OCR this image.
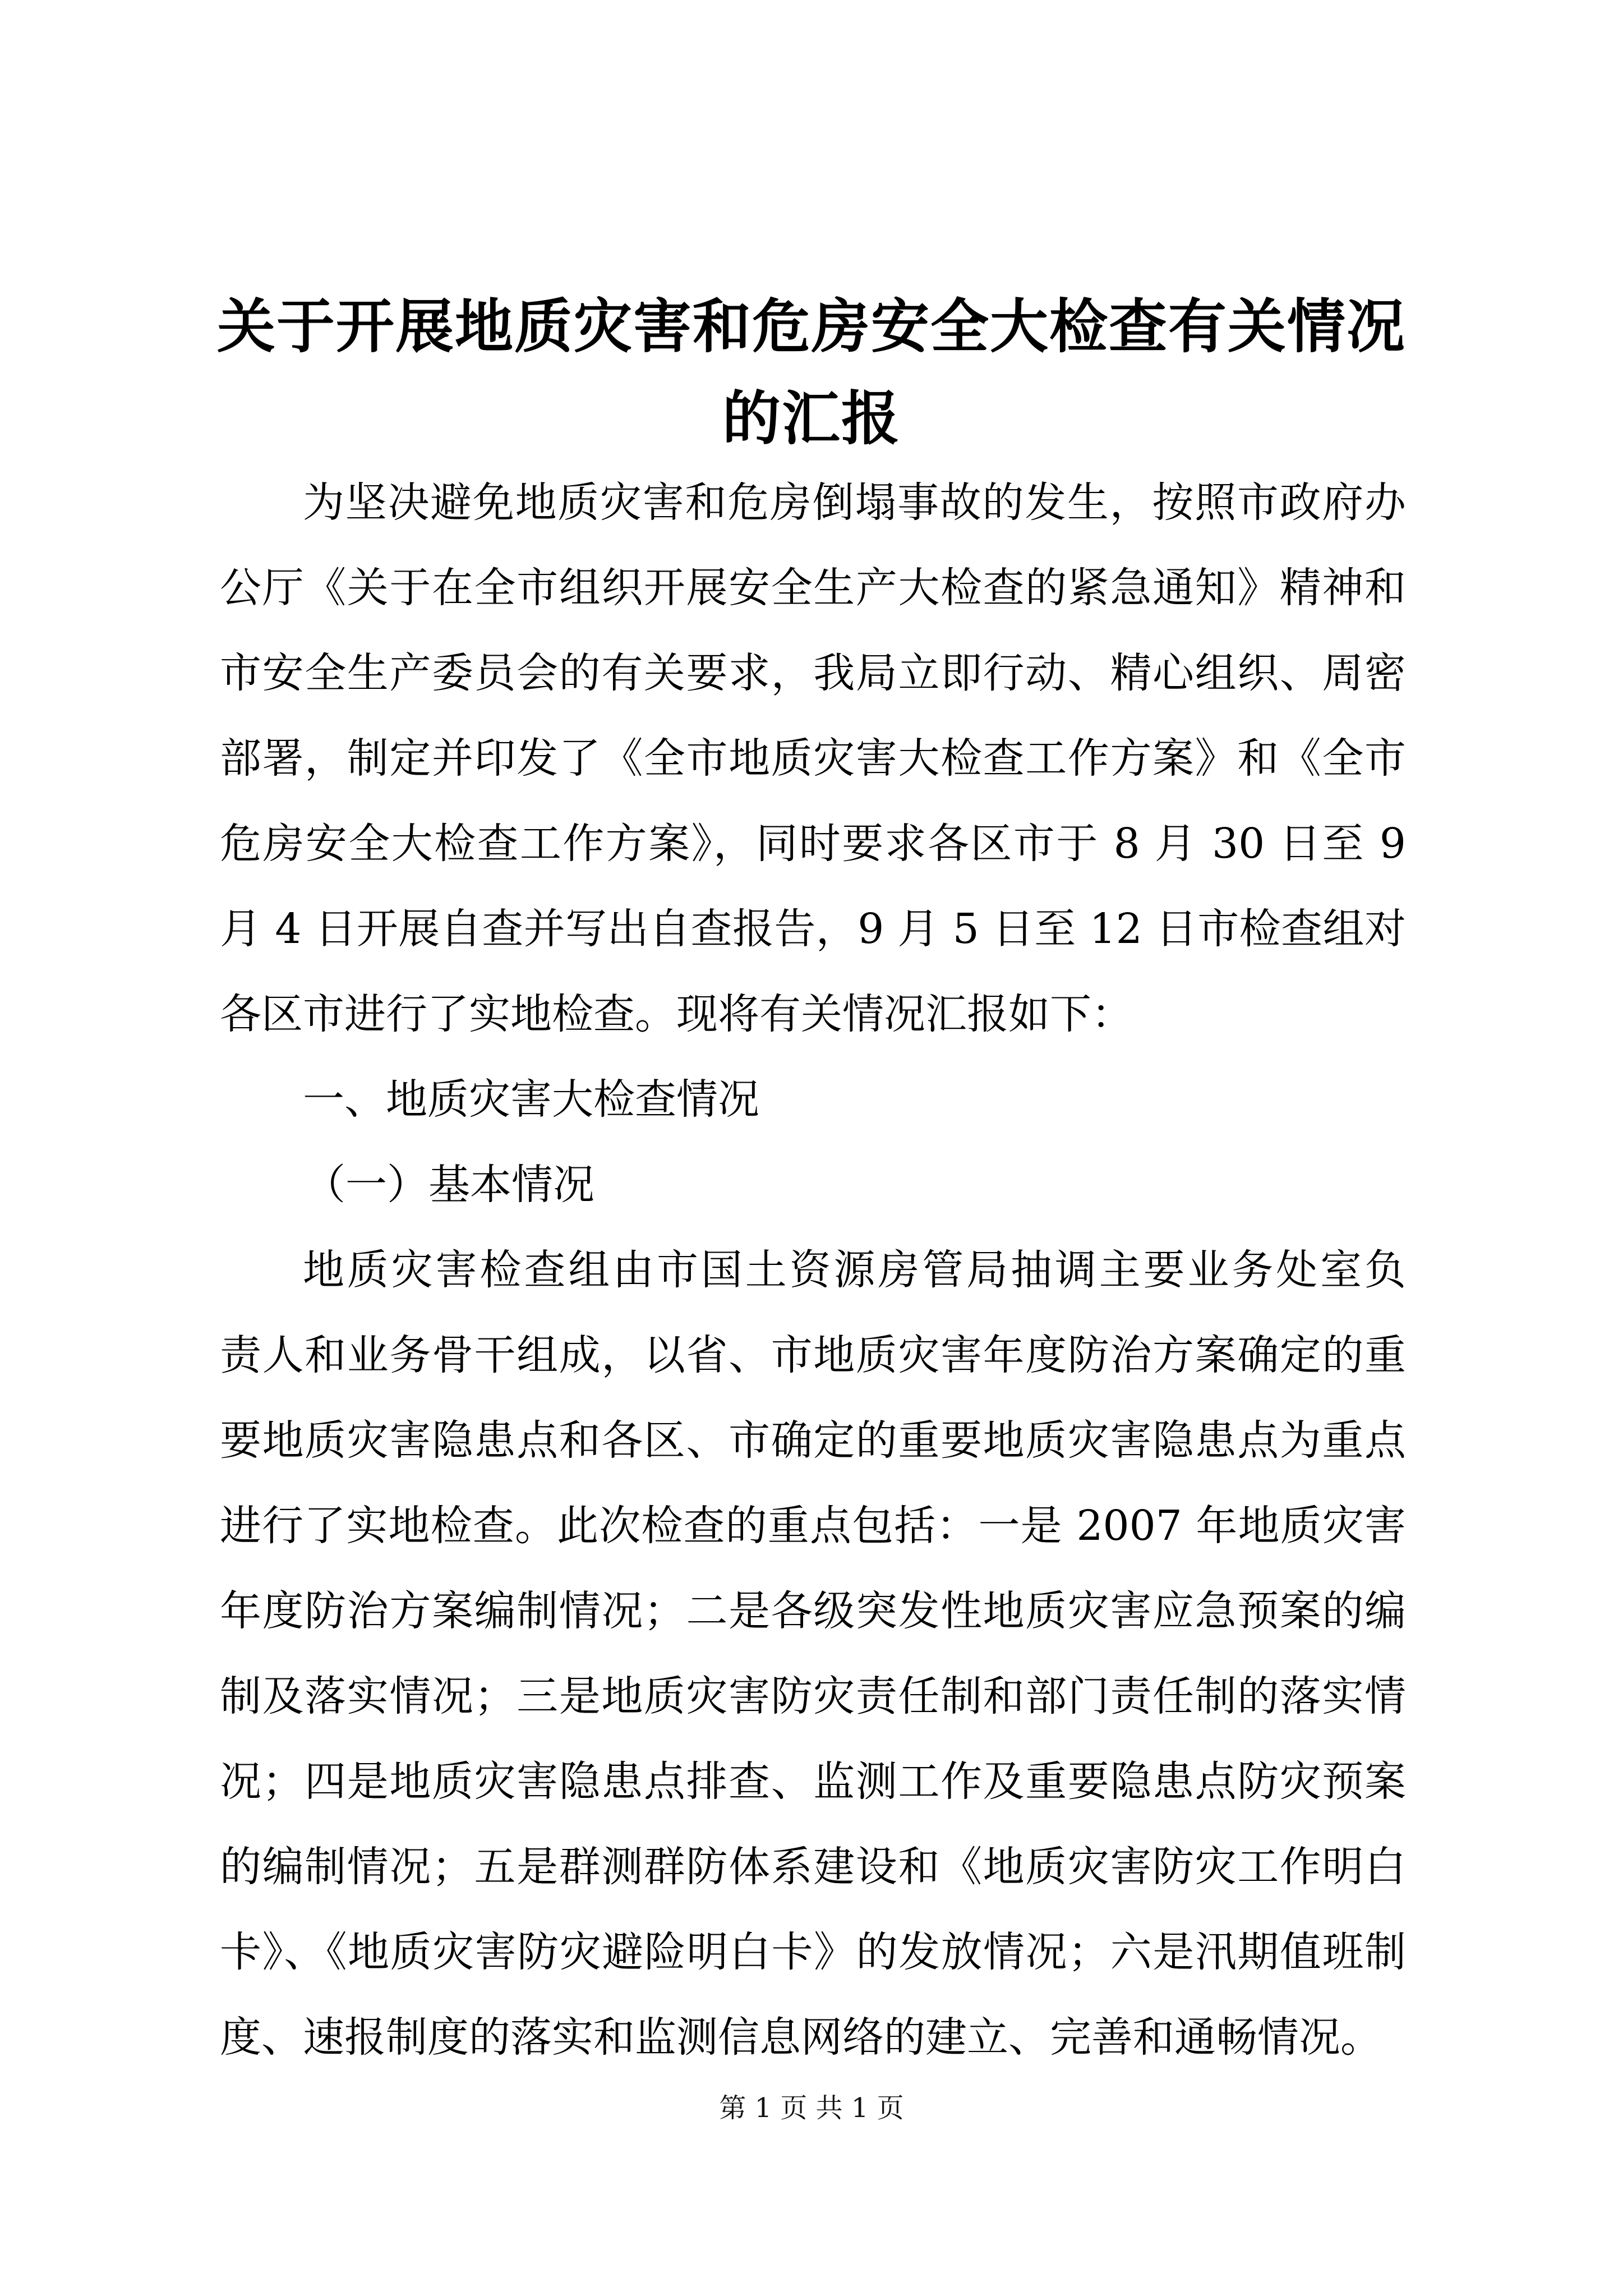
关于开展地质灾害和危房安全大检查有关情况
的汇报
为坚决避免地质灾害和危房倒塌事故的发生，按照市政府办
公厅《关于在全市组织开展安全生产大检查的紧急通知》精神和
市安全生产委员会的有关要求，我局立即行动、精心组织、周密
部署，制定并印发了《全市地质灾害大检查工作方案》和《全市
危房安全大检查工作方案》，同时要求各区市于 8 月 30 日至 9
月 4 日开展自查并写出自查报告，9 月 5 日至 12 日市检查组对
各区市进行了实地检查。现将有关情况汇报如下：
一、地质灾害大检查情况
（一）基本情况
地质灾害检查组由市国土资源房管局抽调主要业务处室负
责人和业务骨干组成，以省、市地质灾害年度防治方案确定的重
要地质灾害隐患点和各区、市确定的重要地质灾害隐患点为重点
进行了实地检查。此次检查的重点包括：一是 2007 年地质灾害
年度防治方案编制情况；二是各级突发性地质灾害应急预案的编
制及落实情况；三是地质灾害防灾责任制和部门责任制的落实情
况；四是地质灾害隐患点排查、监测工作及重要隐患点防灾预案
的编制情况；五是群测群防体系建设和《地质灾害防灾工作明白
卡》、《地质灾害防灾避险明白卡》的发放情况；六是汛期值班制
度、速报制度的落实和监测信息网络的建立、完善和通畅情况。
第 1 页 共 1 页
